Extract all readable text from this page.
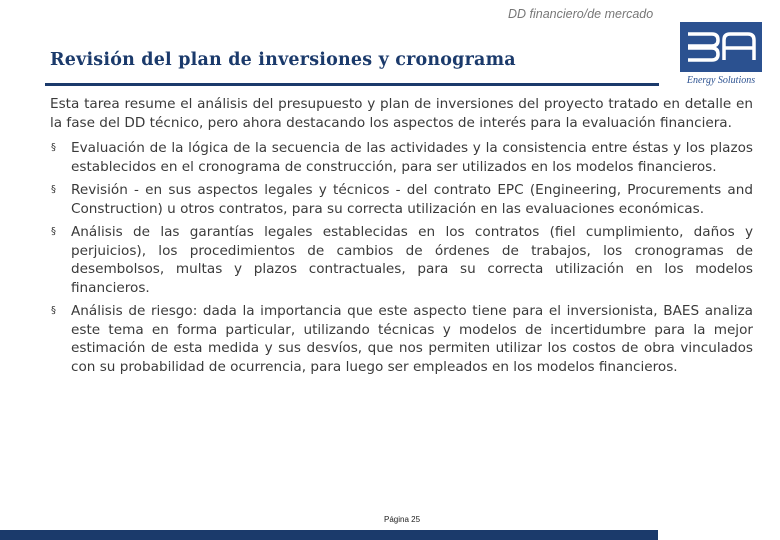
DD financiero/de mercado
Revisión del plan de inversiones y cronograma
Energy Solutions

Esta tarea resume el análisis del presupuesto y plan de inversiones del proyecto tratado en detalle en la fase del DD técnico, pero ahora destacando los aspectos de interés para la evaluación financiera.

§ Evaluación de la lógica de la secuencia de las actividades y la consistencia entre éstas y los plazos establecidos en el cronograma de construcción, para ser utilizados en los modelos financieros.
§ Revisión - en sus aspectos legales y técnicos - del contrato EPC (Engineering, Procurements and Construction) u otros contratos, para su correcta utilización en las evaluaciones económicas.
§ Análisis de las garantías legales establecidas en los contratos (fiel cumplimiento, daños y perjuicios), los procedimientos de cambios de órdenes de trabajos, los cronogramas de desembolsos, multas y plazos contractuales, para su correcta utilización en los modelos financieros.
§ Análisis de riesgo: dada la importancia que este aspecto tiene para el inversionista, BAES analiza este tema en forma particular, utilizando técnicas y modelos de incertidumbre para la mejor estimación de esta medida y sus desvíos, que nos permiten utilizar los costos de obra vinculados con su probabilidad de ocurrencia, para luego ser empleados en los modelos financieros.
Página 25
